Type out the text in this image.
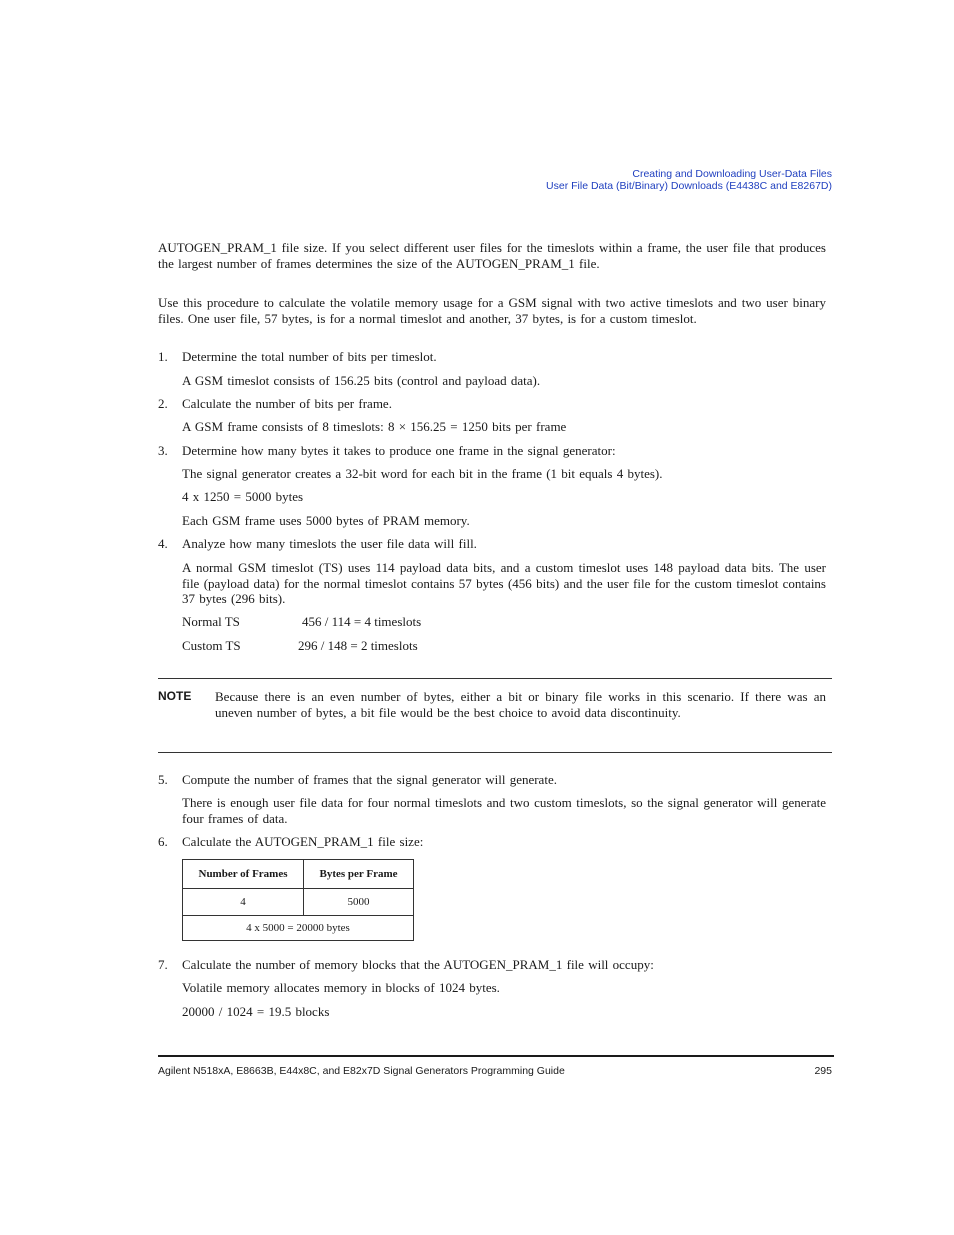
Creating and Downloading User-Data Files
User File Data (Bit/Binary) Downloads (E4438C and E8267D)
AUTOGEN_PRAM_1 file size. If you select different user files for the timeslots within a frame, the user file that produces the largest number of frames determines the size of the AUTOGEN_PRAM_1 file.
Use this procedure to calculate the volatile memory usage for a GSM signal with two active timeslots and two user binary files. One user file, 57 bytes, is for a normal timeslot and another, 37 bytes, is for a custom timeslot.
1. Determine the total number of bits per timeslot.
A GSM timeslot consists of 156.25 bits (control and payload data).
2. Calculate the number of bits per frame.
A GSM frame consists of 8 timeslots: 8 × 156.25 = 1250 bits per frame
3. Determine how many bytes it takes to produce one frame in the signal generator:
The signal generator creates a 32-bit word for each bit in the frame (1 bit equals 4 bytes).
4 x 1250 = 5000 bytes
Each GSM frame uses 5000 bytes of PRAM memory.
4. Analyze how many timeslots the user file data will fill.
A normal GSM timeslot (TS) uses 114 payload data bits, and a custom timeslot uses 148 payload data bits. The user file (payload data) for the normal timeslot contains 57 bytes (456 bits) and the user file for the custom timeslot contains 37 bytes (296 bits).
Normal TS	456 / 114 = 4 timeslots
Custom TS	296 / 148 = 2 timeslots
NOTE Because there is an even number of bytes, either a bit or binary file works in this scenario. If there was an uneven number of bytes, a bit file would be the best choice to avoid data discontinuity.
5. Compute the number of frames that the signal generator will generate.
There is enough user file data for four normal timeslots and two custom timeslots, so the signal generator will generate four frames of data.
6. Calculate the AUTOGEN_PRAM_1 file size:
Number of Frames	Bytes per Frame
4	5000
4 x 5000 = 20000 bytes	
7. Calculate the number of memory blocks that the AUTOGEN_PRAM_1 file will occupy:
Volatile memory allocates memory in blocks of 1024 bytes.
20000 / 1024 = 19.5 blocks
Agilent N518xA, E8663B, E44x8C, and E82x7D Signal Generators Programming Guide	295
